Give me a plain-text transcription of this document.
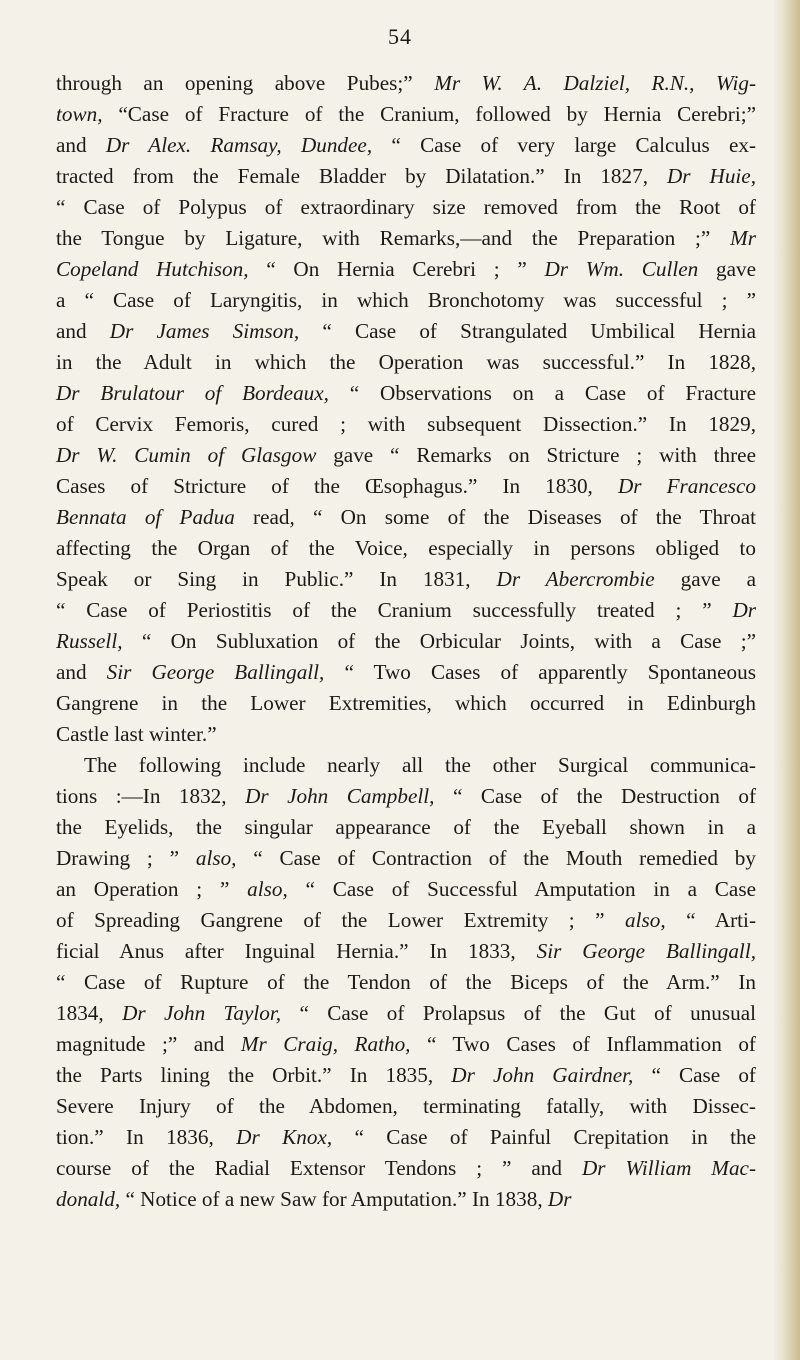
54
through an opening above Pubes;” Mr W. A. Dalziel, R.N., Wig-
town, “Case of Fracture of the Cranium, followed by Hernia Cerebri;”
and Dr Alex. Ramsay, Dundee, “ Case of very large Calculus ex-
tracted from the Female Bladder by Dilatation.” In 1827, Dr Huie,
“ Case of Polypus of extraordinary size removed from the Root of
the Tongue by Ligature, with Remarks,—and the Preparation ;” Mr
Copeland Hutchison, “ On Hernia Cerebri ; ” Dr Wm. Cullen gave
a “ Case of Laryngitis, in which Bronchotomy was successful ; ”
and Dr James Simson, “ Case of Strangulated Umbilical Hernia
in the Adult in which the Operation was successful.” In 1828,
Dr Brulatour of Bordeaux, “ Observations on a Case of Fracture
of Cervix Femoris, cured ; with subsequent Dissection.” In 1829,
Dr W. Cumin of Glasgow gave “ Remarks on Stricture ; with three
Cases of Stricture of the Œsophagus.” In 1830, Dr Francesco
Bennata of Padua read, “ On some of the Diseases of the Throat
affecting the Organ of the Voice, especially in persons obliged to
Speak or Sing in Public.” In 1831, Dr Abercrombie gave a
“ Case of Periostitis of the Cranium successfully treated ; ” Dr
Russell, “ On Subluxation of the Orbicular Joints, with a Case ;”
and Sir George Ballingall, “ Two Cases of apparently Spontaneous
Gangrene in the Lower Extremities, which occurred in Edinburgh
Castle last winter.”
The following include nearly all the other Surgical communica-
tions :—In 1832, Dr John Campbell, “ Case of the Destruction of
the Eyelids, the singular appearance of the Eyeball shown in a
Drawing ; ” also, “ Case of Contraction of the Mouth remedied by
an Operation ; ” also, “ Case of Successful Amputation in a Case
of Spreading Gangrene of the Lower Extremity ; ” also, “ Arti-
ficial Anus after Inguinal Hernia.” In 1833, Sir George Ballingall,
“ Case of Rupture of the Tendon of the Biceps of the Arm.” In
1834, Dr John Taylor, “ Case of Prolapsus of the Gut of unusual
magnitude ;” and Mr Craig, Ratho, “ Two Cases of Inflammation of
the Parts lining the Orbit.” In 1835, Dr John Gairdner, “ Case of
Severe Injury of the Abdomen, terminating fatally, with Dissec-
tion.” In 1836, Dr Knox, “ Case of Painful Crepitation in the
course of the Radial Extensor Tendons ; ” and Dr William Mac-
donald, “ Notice of a new Saw for Amputation.” In 1838, Dr
